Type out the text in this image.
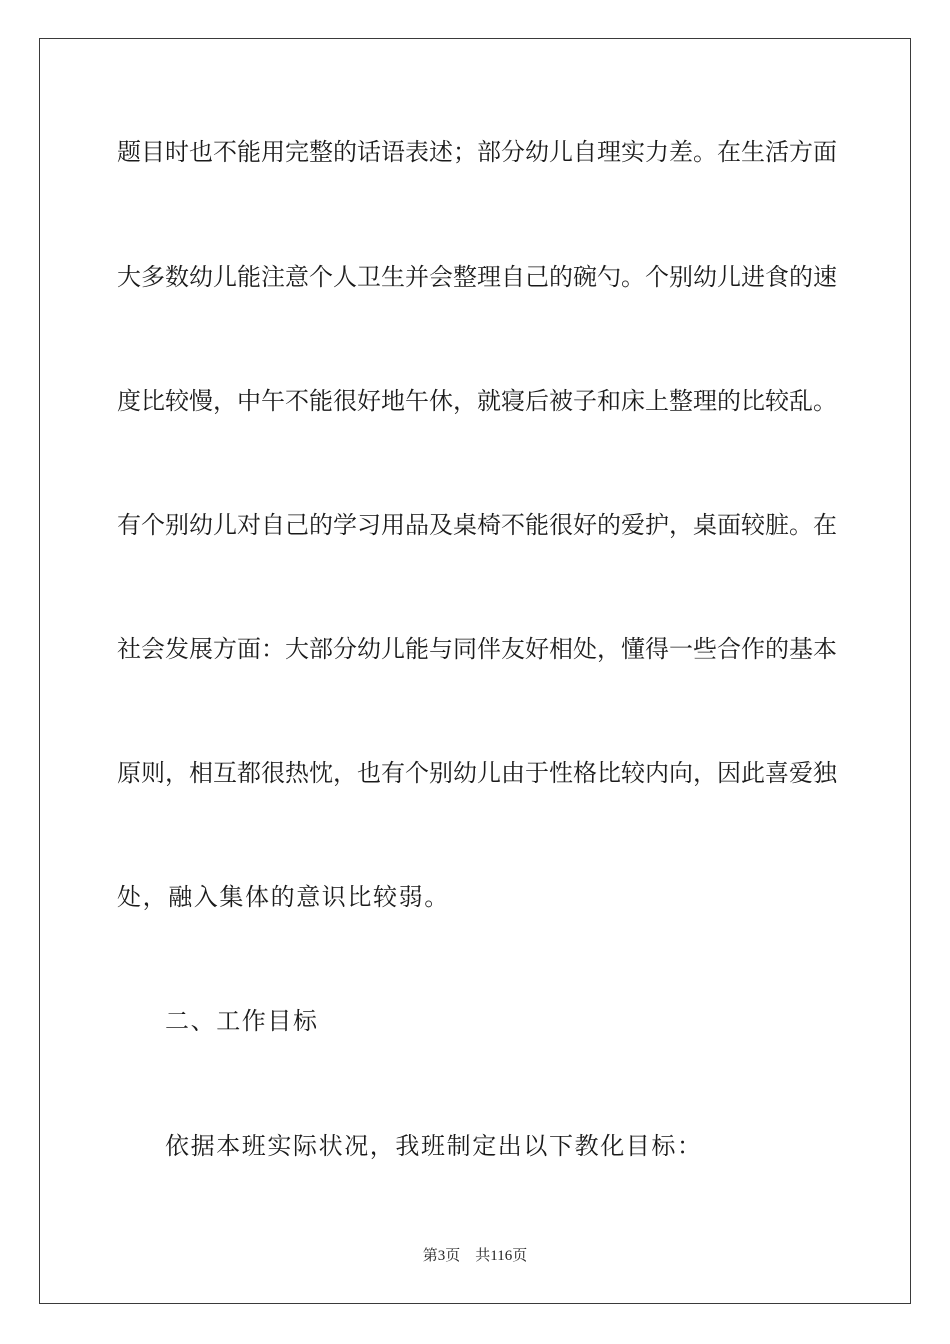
题目时也不能用完整的话语表述；部分幼儿自理实力差。在生活方面
大多数幼儿能注意个人卫生并会整理自己的碗勺。个别幼儿进食的速
度比较慢，中午不能很好地午休，就寝后被子和床上整理的比较乱。
有个别幼儿对自己的学习用品及桌椅不能很好的爱护，桌面较脏。在
社会发展方面：大部分幼儿能与同伴友好相处，懂得一些合作的基本
原则，相互都很热忱，也有个别幼儿由于性格比较内向，因此喜爱独
处，融入集体的意识比较弱。
二、工作目标
依据本班实际状况，我班制定出以下教化目标：
第3页 共116页
